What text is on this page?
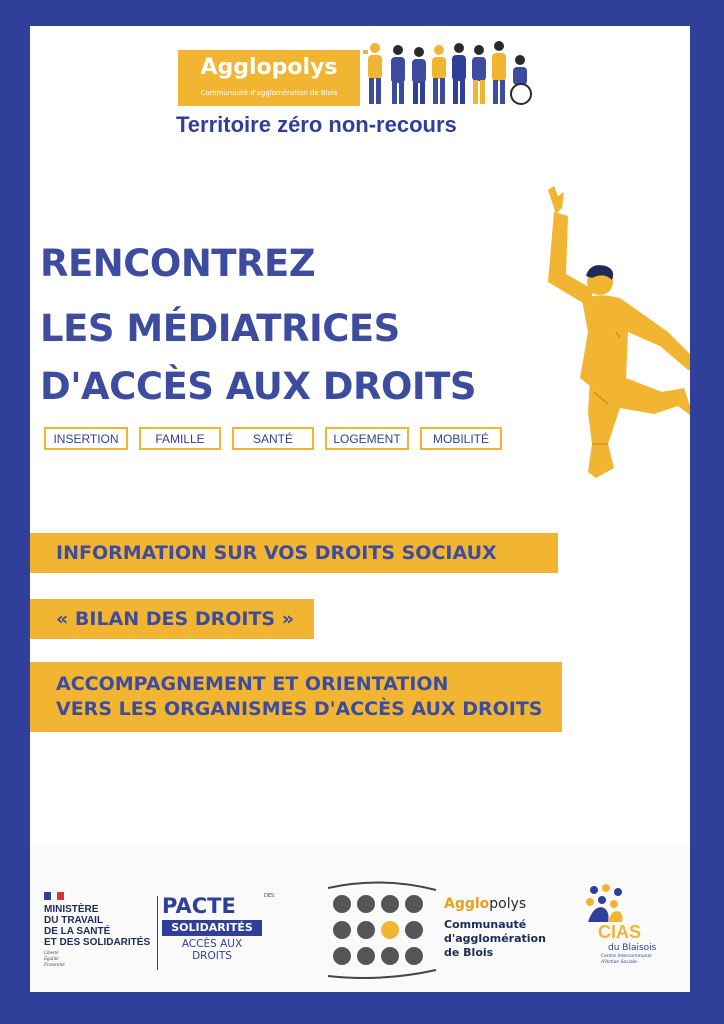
Agglopolys
Communauté d'agglomération de Blois
Territoire zéro non-recours
RENCONTREZ
LES MÉDIATRICES
D'ACCÈS AUX DROITS
INSERTION	FAMILLE	SANTÉ	LOGEMENT	MOBILITÉ
INFORMATION SUR VOS DROITS SOCIAUX
« BILAN DES DROITS »
ACCOMPAGNEMENT ET ORIENTATION
VERS LES ORGANISMES D'ACCÈS AUX DROITS
MINISTÈRE
DU TRAVAIL
DE LA SANTÉ
ET DES SOLIDARITÉS
Liberté
Égalité
Fraternité
PACTE	DES
SOLIDARITÉS
ACCÈS AUX
DROITS
Agglopolys
Communauté
d'agglomération
de Blois
CIAS
du Blaisois
Centre Intercommunal d'Action Sociale
